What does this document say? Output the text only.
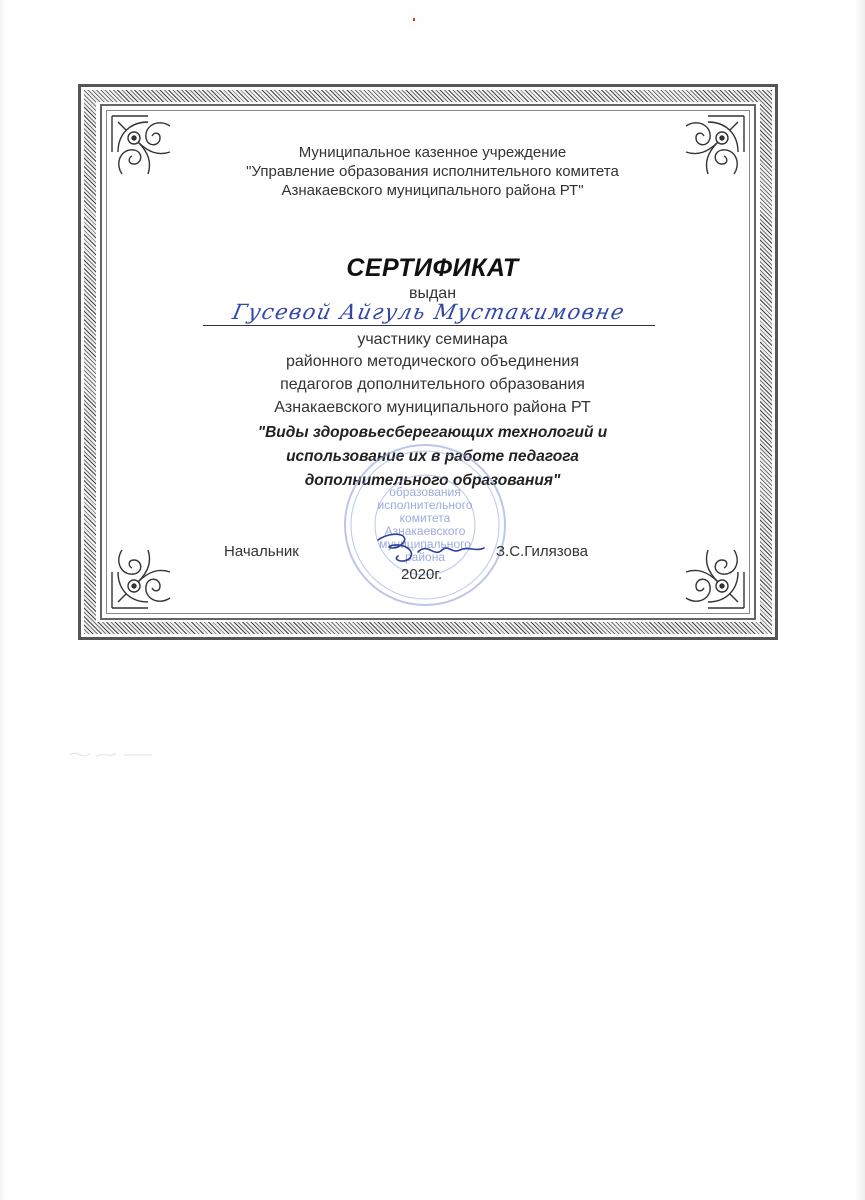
Муниципальное казенное учреждение
"Управление образования исполнительного комитета
Азнакаевского муниципального района РТ"
СЕРТИФИКАТ
выдан
Гусевой Айгуль Мустакимовне
участнику семинара
районного методического объединения
педагогов дополнительного образования
Азнакаевского муниципального района РТ
"Виды здоровьесберегающих технологий и
использование их в работе педагога
дополнительного образования"
образования
исполнительного
комитета
Азнакаевского
муниципального
района
Начальник	З.С.Гилязова
2020г.
